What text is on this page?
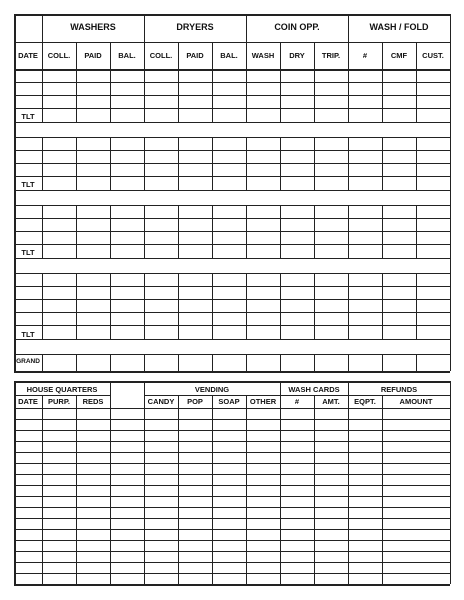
WASHERS	DRYERS	COIN OPP.	WASH / FOLD
DATE	COLL.	PAID	BAL.	COLL.	PAID	BAL.	WASH	DRY	TRIP.	#	CMF	CUST.
TLT
TLT
TLT
TLT
GRAND
HOUSE QUARTERS	VENDING	WASH CARDS	REFUNDS
DATE	PURP.	REDS	CANDY	POP	SOAP	OTHER	#	AMT.	EQPT.	AMOUNT
